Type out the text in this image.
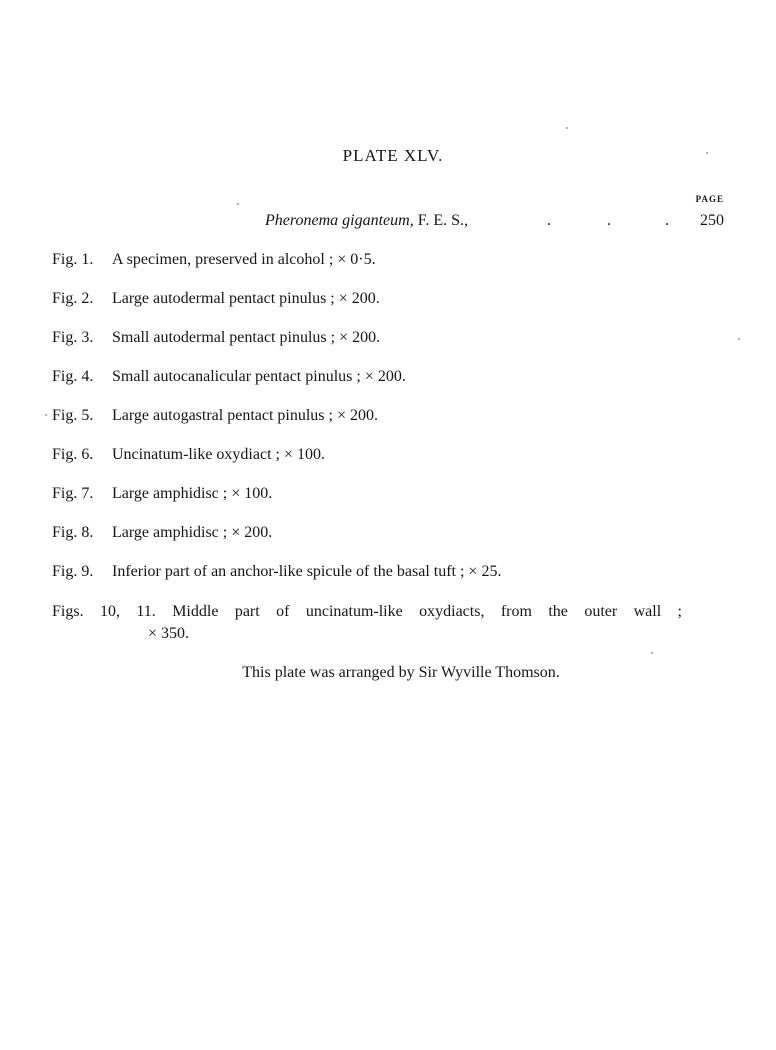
PLATE XLV.
PAGE
Pheronema giganteum, F. E. S.,	.	.	. 250
Fig. 1. A specimen, preserved in alcohol ; × 0·5.
Fig. 2. Large autodermal pentact pinulus ; × 200.
Fig. 3. Small autodermal pentact pinulus ; × 200.
Fig. 4. Small autocanalicular pentact pinulus ; × 200.
Fig. 5. Large autogastral pentact pinulus ; × 200.
Fig. 6. Uncinatum-like oxydiact ; × 100.
Fig. 7. Large amphidisc ; × 100.
Fig. 8. Large amphidisc ; × 200.
Fig. 9. Inferior part of an anchor-like spicule of the basal tuft ; × 25.
Figs. 10, 11. Middle part of uncinatum-like oxydiacts, from the outer wall ;
× 350.
This plate was arranged by Sir Wyville Thomson.
